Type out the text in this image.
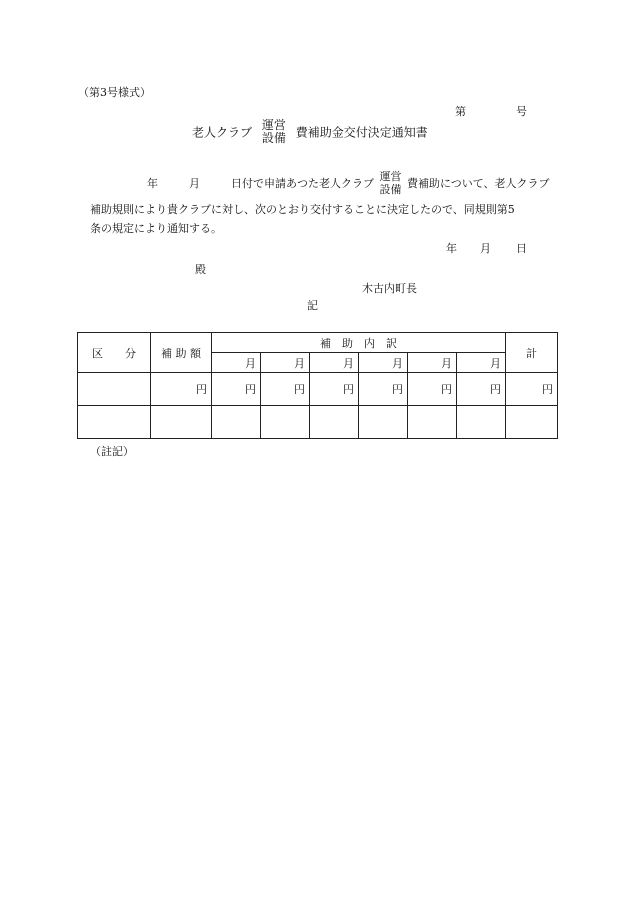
（第3号様式）
第	号
老人クラブ
運営
設備 費補助金交付決定通知書
年	月	日付で申請あつた老人クラブ
運営
設備 費補助について、老人クラブ
補助規則により貴クラブに対し、次のとおり交付することに決定したので、同規則第5
条の規定により通知する。
年 月 日
殿
木古内町長
記
区　　分	補 助 額	補　助　内　訳						計
		月	月	月	月	月	月	
	円	円	円	円	円	円	円	円

（註記）
